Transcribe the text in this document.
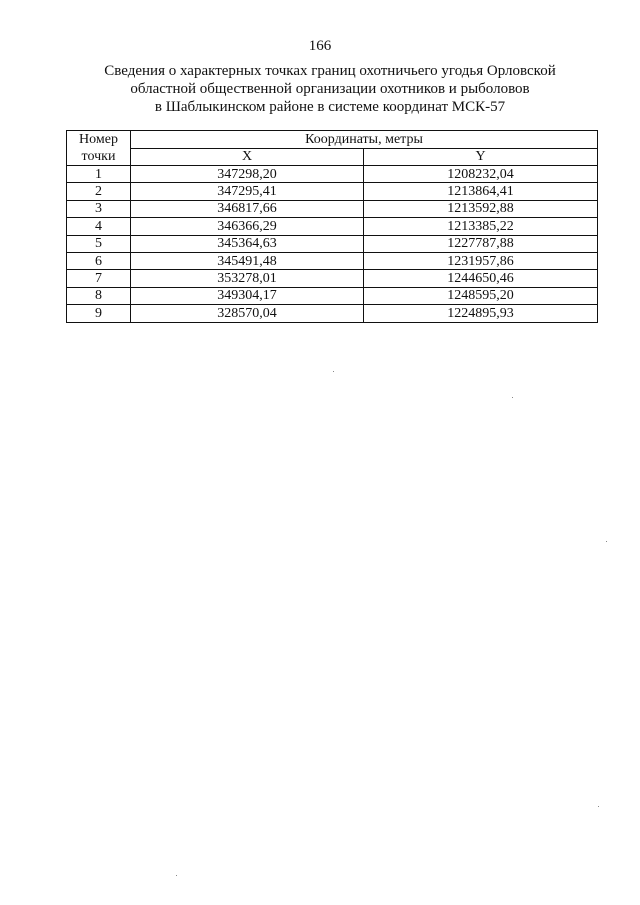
166
Сведения о характерных точках границ охотничьего угодья Орловской
областной общественной организации охотников и рыболовов
в Шаблыкинском районе в системе координат МСК-57
Номер
точки	Координаты, метры	
	X	Y
1	347298,20	1208232,04
2	347295,41	1213864,41
3	346817,66	1213592,88
4	346366,29	1213385,22
5	345364,63	1227787,88
6	345491,48	1231957,86
7	353278,01	1244650,46
8	349304,17	1248595,20
9	328570,04	1224895,93
